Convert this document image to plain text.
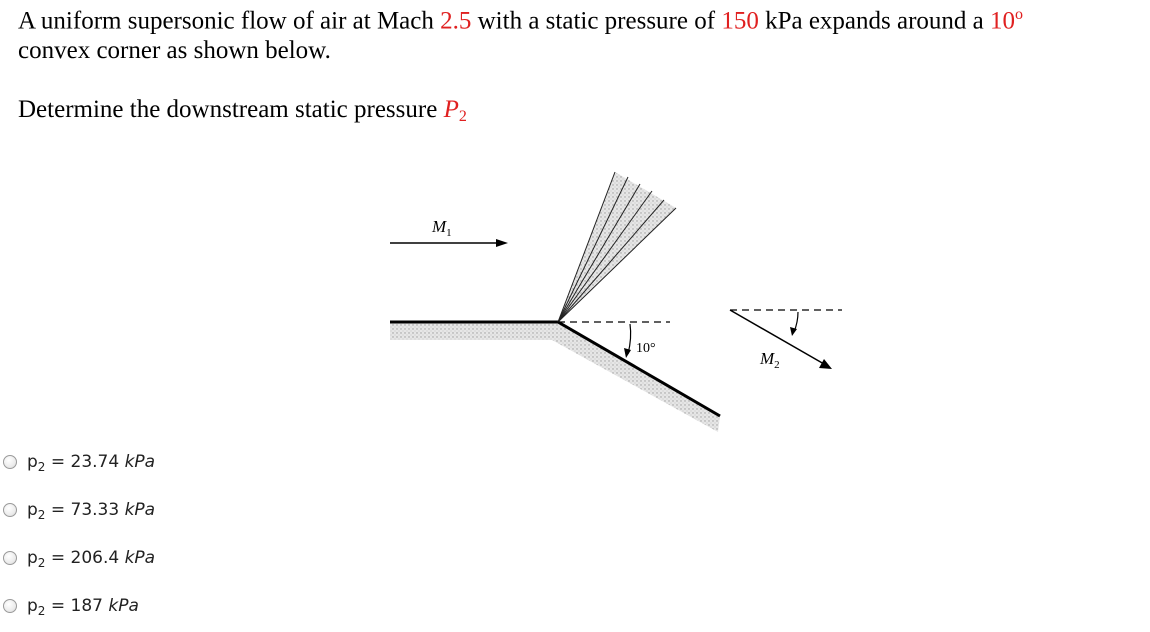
A uniform supersonic flow of air at Mach 2.5 with a static pressure of 150 kPa expands around a 10$^o$
convex corner as shown below.
Determine the downstream static pressure $P_2$
$M_1$
10°
$M_2$
$p_2 = 23.74$ kPa
$p_2 = 73.33$ kPa
$p_2 = 206.4$ kPa
$p_2 = 187$ kPa
